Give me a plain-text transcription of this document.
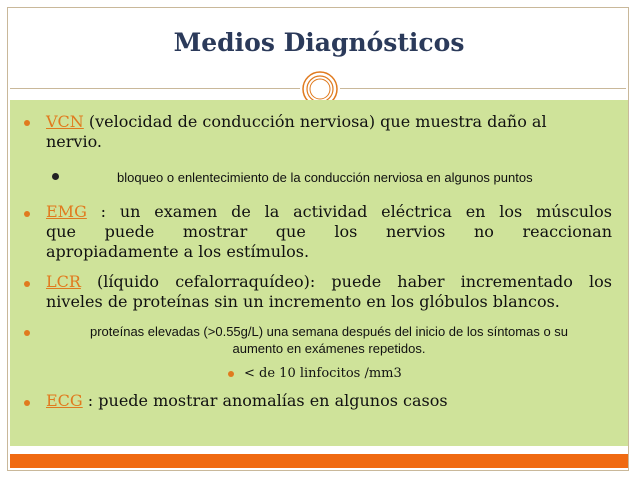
Medios Diagnósticos
VCN (velocidad de conducción nerviosa) que muestra daño al
nervio.
bloqueo o enlentecimiento de la conducción nerviosa en algunos puntos
EMG : un examen de la actividad eléctrica en los músculos
que puede mostrar que los nervios no reaccionan
apropiadamente a los estímulos.
LCR (líquido cefalorraquídeo): puede haber incrementado los
niveles de proteínas sin un incremento en los glóbulos blancos.
proteínas elevadas (>0.55g/L) una semana después del inicio de los síntomas o su
aumento en exámenes repetidos.
< de 10 linfocitos /mm3
ECG : puede mostrar anomalías en algunos casos
